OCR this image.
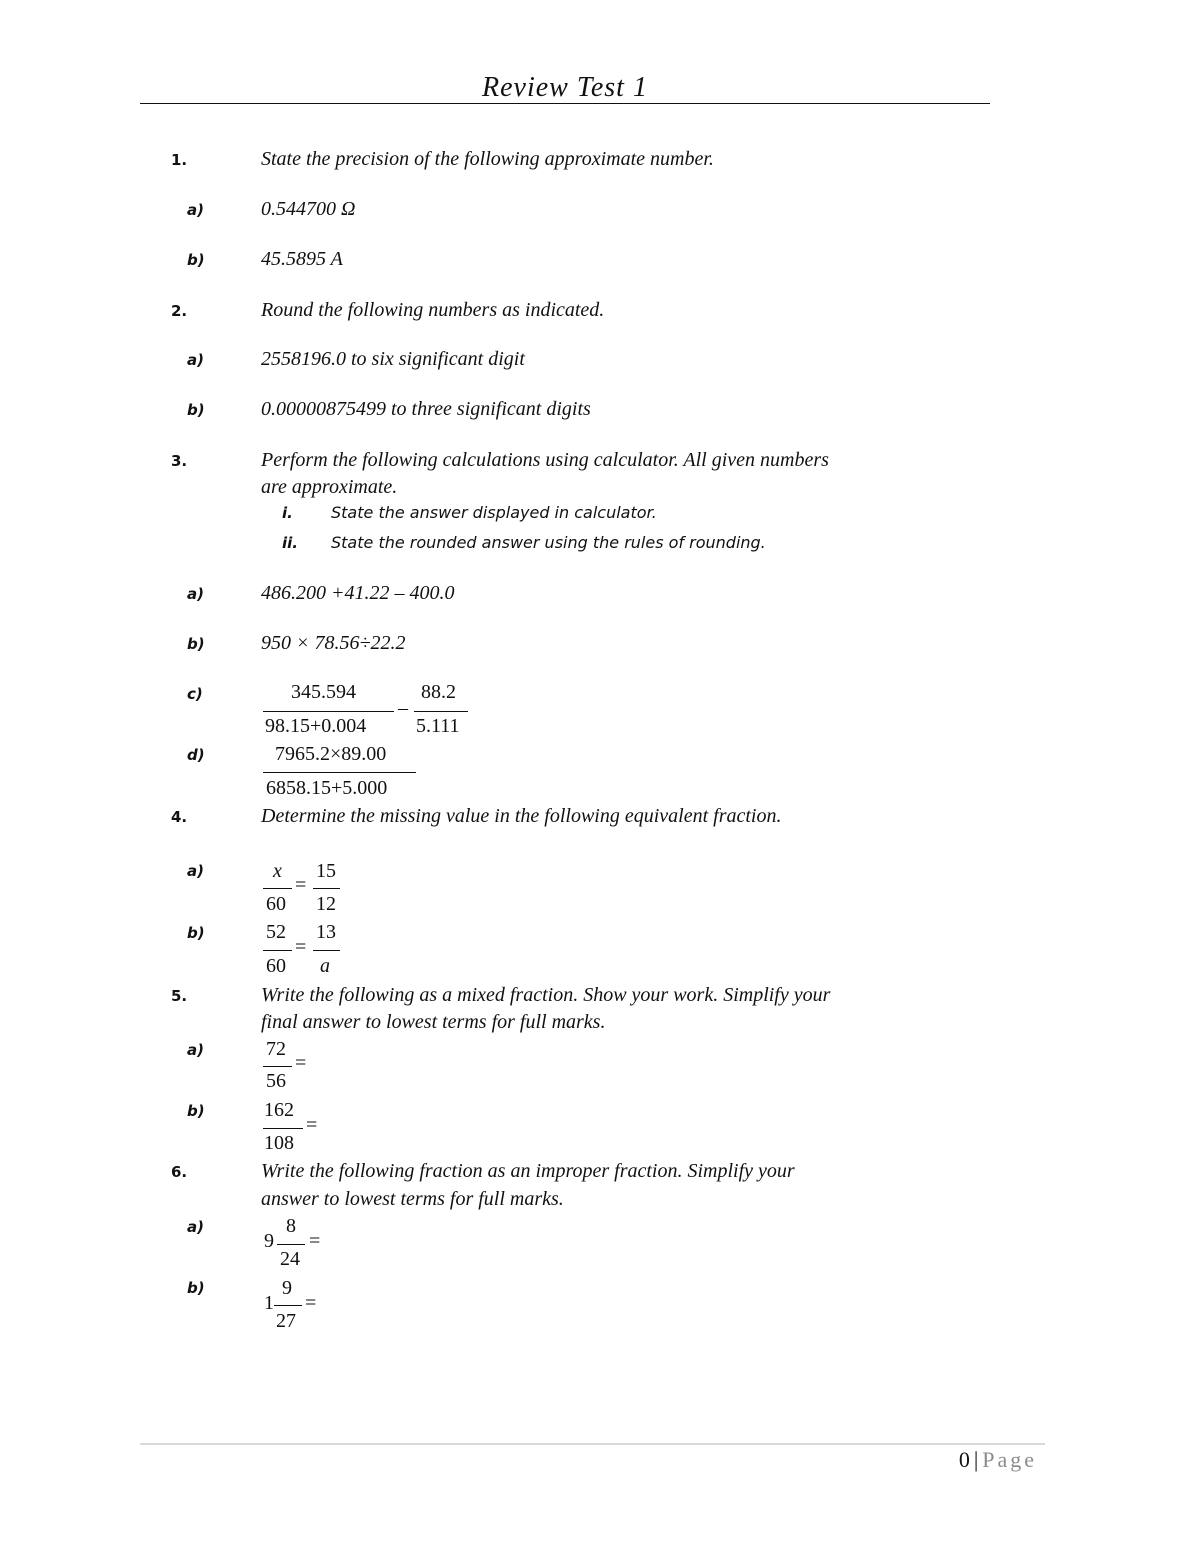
Review Test 1
1.	State the precision of the following approximate number.
a)	0.544700 Ω
b)	45.5895 A
2.	Round the following numbers as indicated.
a)	2558196.0 to six significant digit
b)	0.00000875499 to three significant digits
3.	Perform the following calculations using calculator. All given numbers
are approximate.
i. State the answer displayed in calculator.
ii. State the rounded answer using the rules of rounding.
a)	486.200 +41.22 – 400.0
b)	950 × 78.56÷22.2
c)	345.594
98.15+0.004
–
88.2
5.111
d)	7965.2×89.00
6858.15+5.000
4.	Determine the missing value in the following equivalent fraction.
a)	x
60
=
15
12
b)	52
60
=
13
a
5.	Write the following as a mixed fraction. Show your work. Simplify your
final answer to lowest terms for full marks.
a)	72
56
=
b)	162
108
=
6.	Write the following fraction as an improper fraction. Simplify your
answer to lowest terms for full marks.
a)
9
8
24
=
b)
1
9
27
=
0 | Page
